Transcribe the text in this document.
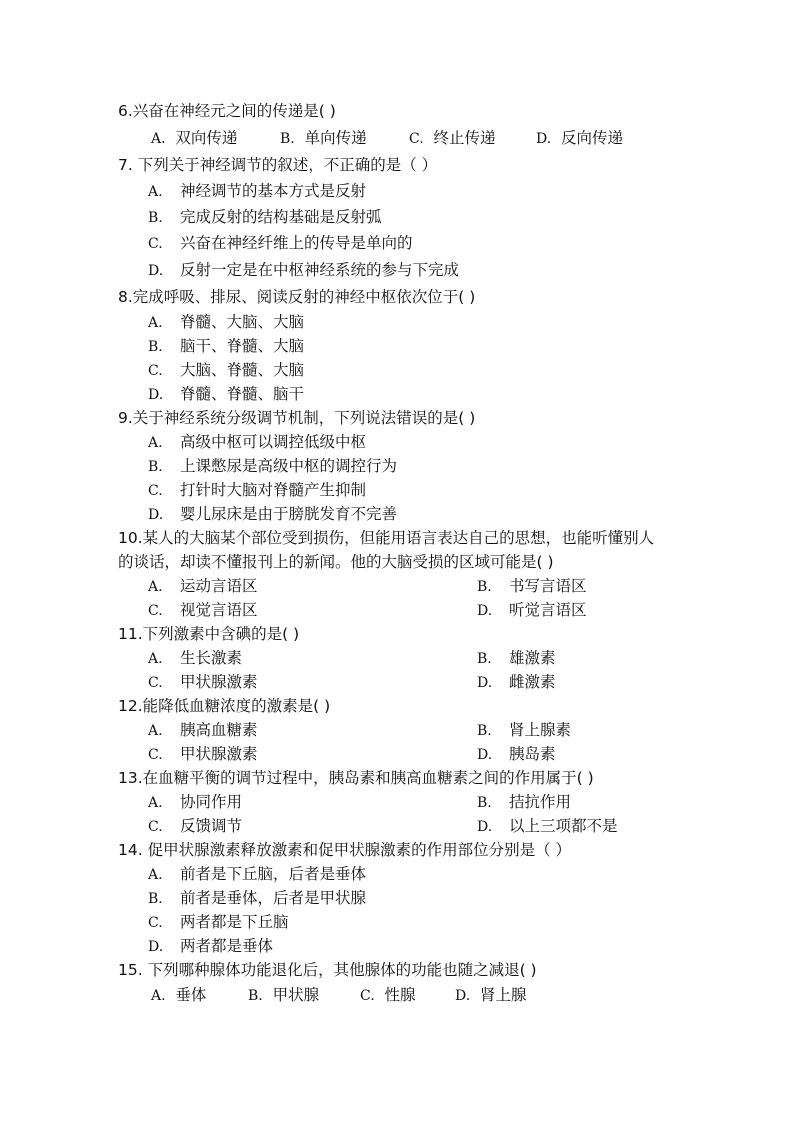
6.兴奋在神经元之间的传递是( )
A. 双向传递	B. 单向传递	C. 终止传递	D. 反向传递
7. 下列关于神经调节的叙述，不正确的是（ ）
A. 神经调节的基本方式是反射
B. 完成反射的结构基础是反射弧
C. 兴奋在神经纤维上的传导是单向的
D. 反射一定是在中枢神经系统的参与下完成
8.完成呼吸、排尿、阅读反射的神经中枢依次位于( )
A. 脊髓、大脑、大脑
B. 脑干、脊髓、大脑
C. 大脑、脊髓、大脑
D. 脊髓、脊髓、脑干
9.关于神经系统分级调节机制，下列说法错误的是( )
A. 高级中枢可以调控低级中枢
B. 上课憋尿是高级中枢的调控行为
C. 打针时大脑对脊髓产生抑制
D. 婴儿尿床是由于膀胱发育不完善
10.某人的大脑某个部位受到损伤，但能用语言表达自己的思想，也能听懂别人
的谈话，却读不懂报刊上的新闻。他的大脑受损的区域可能是( )
A. 运动言语区	B. 书写言语区
C. 视觉言语区	D. 听觉言语区
11.下列激素中含碘的是( )
A. 生长激素	B. 雄激素
C. 甲状腺激素	D. 雌激素
12.能降低血糖浓度的激素是( )
A. 胰高血糖素	B. 肾上腺素
C. 甲状腺激素	D. 胰岛素
13.在血糖平衡的调节过程中，胰岛素和胰高血糖素之间的作用属于( )
A. 协同作用	B. 拮抗作用
C. 反馈调节	D. 以上三项都不是
14. 促甲状腺激素释放激素和促甲状腺激素的作用部位分别是（ ）
A. 前者是下丘脑，后者是垂体
B. 前者是垂体，后者是甲状腺
C. 两者都是下丘脑
D. 两者都是垂体
15. 下列哪种腺体功能退化后，其他腺体的功能也随之减退( )
A. 垂体	B. 甲状腺	C. 性腺	D. 肾上腺
